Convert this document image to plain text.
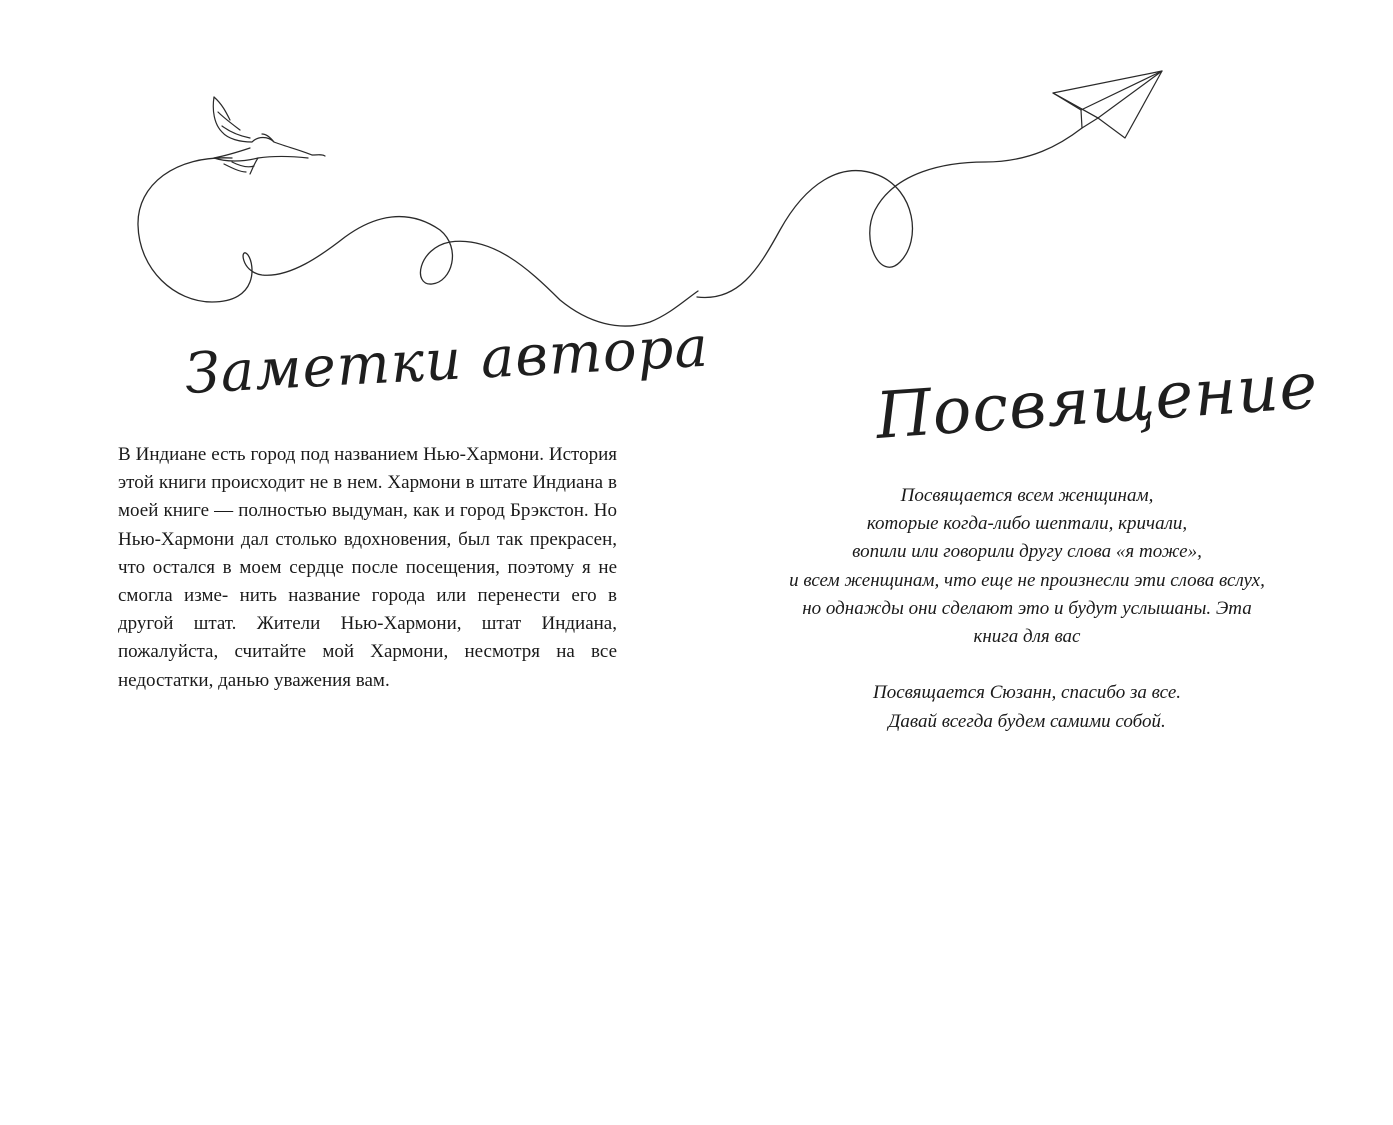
Заметки автора

В Индиане есть город под названием Нью-Хармони. История этой книги происходит не в нем. Хармони в штате Индиана в моей книге — полностью выдуман, как и город Брэкстон. Но Нью-Хармони дал столько вдохновения, был так прекрасен, что остался в моем сердце после посещения, поэтому я не смогла изме- нить название города или перенести его в другой штат. Жители Нью-Хармони, штат Индиана, пожалуйста, считайте мой Хармони, несмотря на все недостатки, данью уважения вам.

Посвящение
Посвящается всем женщинам,
которые когда-либо шептали, кричали,
вопили или говорили другу слова «я тоже»,
и всем женщинам, что еще не произнесли эти слова вслух,
но однажды они сделают это и будут услышаны. Эта
книга для вас
Посвящается Сюзанн, спасибо за все.
Давай всегда будем самими собой.
